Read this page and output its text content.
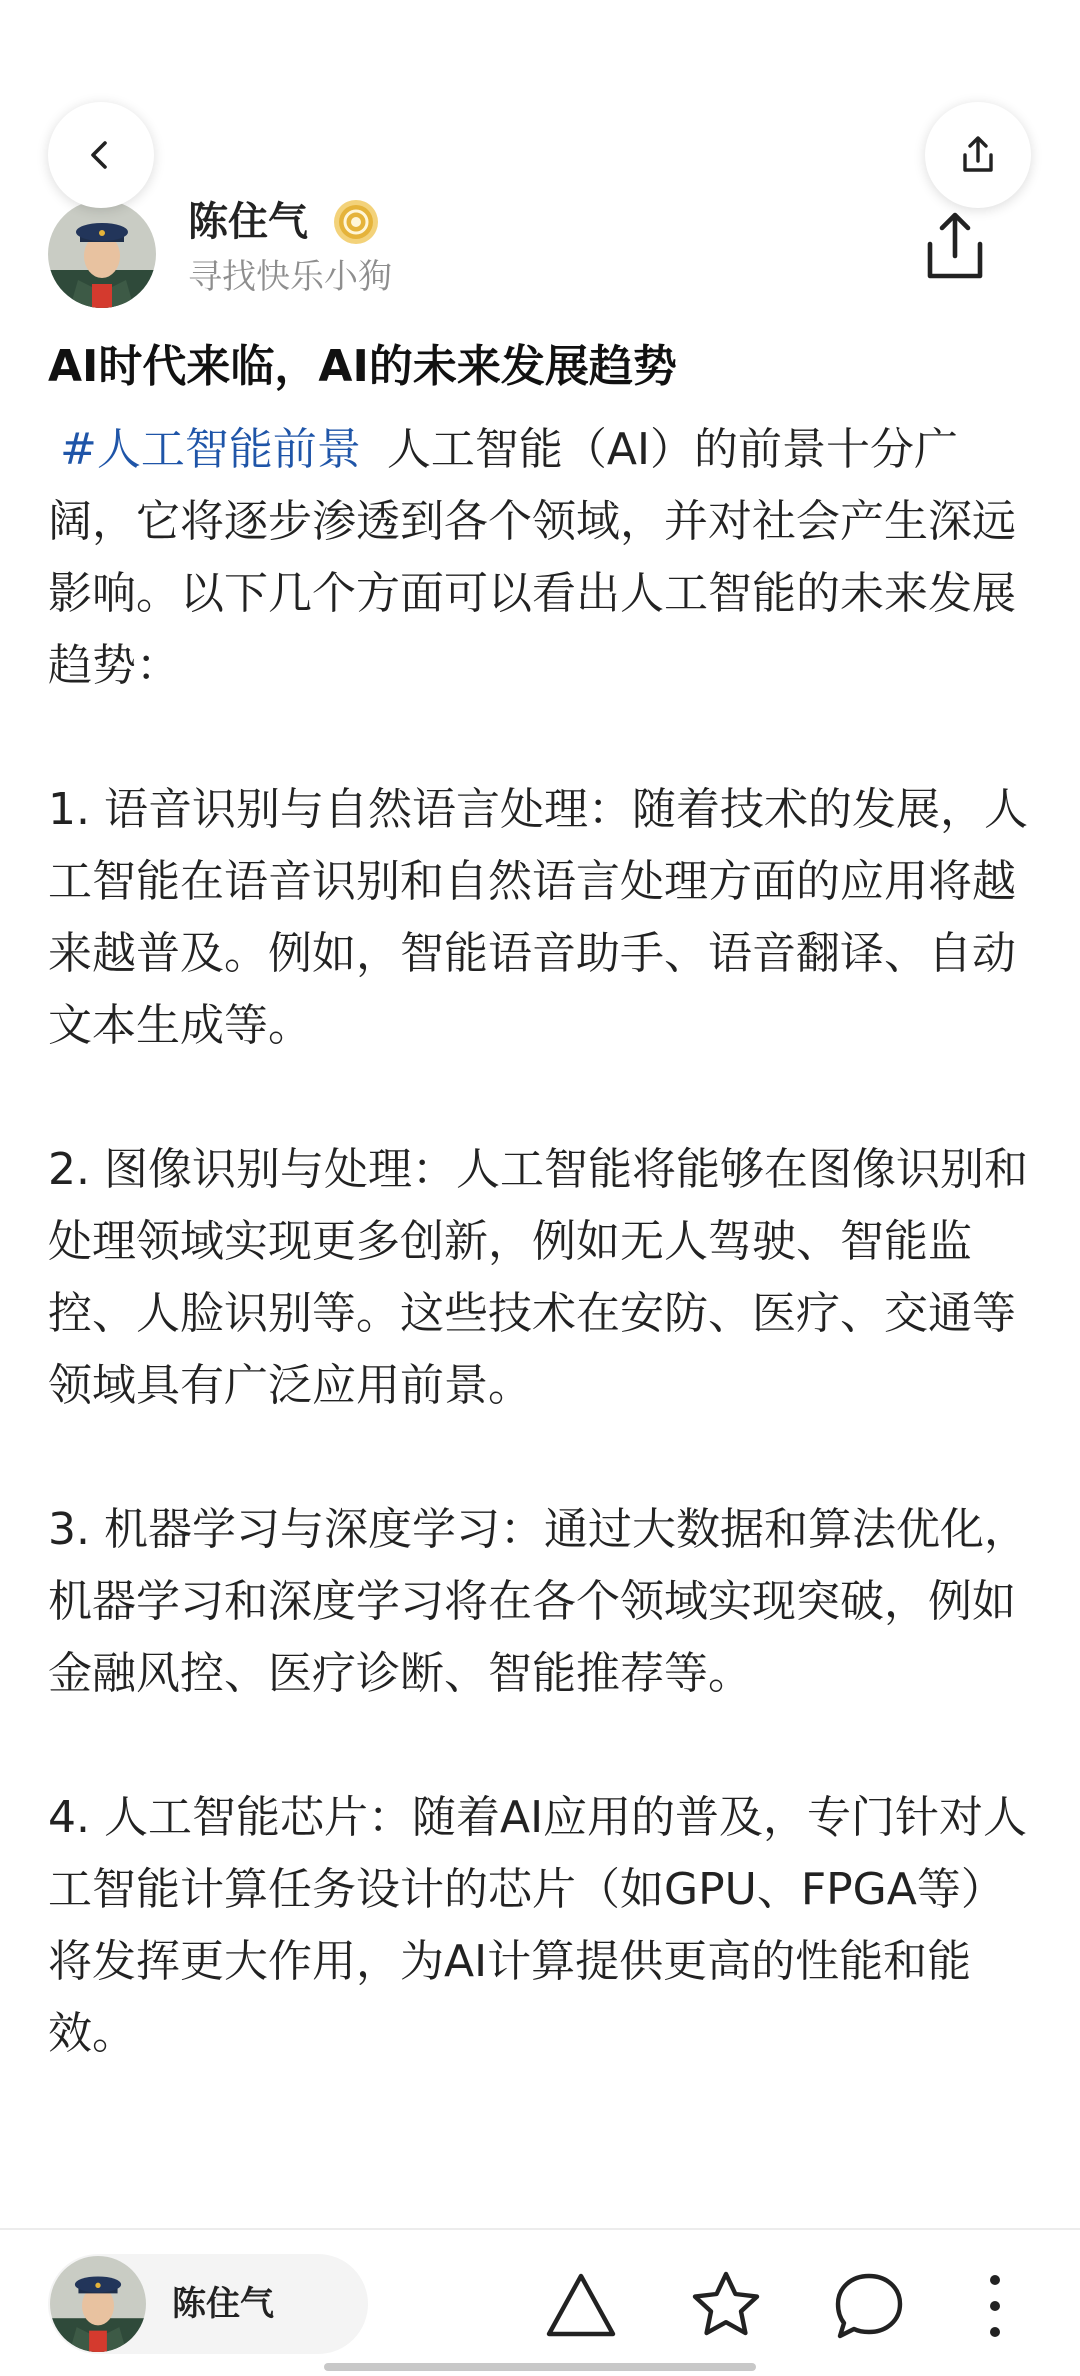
陈住气
寻找快乐小狗
AI时代来临，AI的未来发展趋势

#人工智能前景 人工智能（AI）的前景十分广阔，它将逐步渗透到各个领域，并对社会产生深远影响。以下几个方面可以看出人工智能的未来发展趋势：

1. 语音识别与自然语言处理：随着技术的发展，人工智能在语音识别和自然语言处理方面的应用将越来越普及。例如，智能语音助手、语音翻译、自动文本生成等。

2. 图像识别与处理：人工智能将能够在图像识别和处理领域实现更多创新，例如无人驾驶、智能监控、人脸识别等。这些技术在安防、医疗、交通等领域具有广泛应用前景。

3. 机器学习与深度学习：通过大数据和算法优化，机器学习和深度学习将在各个领域实现突破，例如金融风控、医疗诊断、智能推荐等。

4. 人工智能芯片：随着AI应用的普及，专门针对人工智能计算任务设计的芯片（如GPU、FPGA等）将发挥更大作用，为AI计算提供更高的性能和能效。

陈住气
